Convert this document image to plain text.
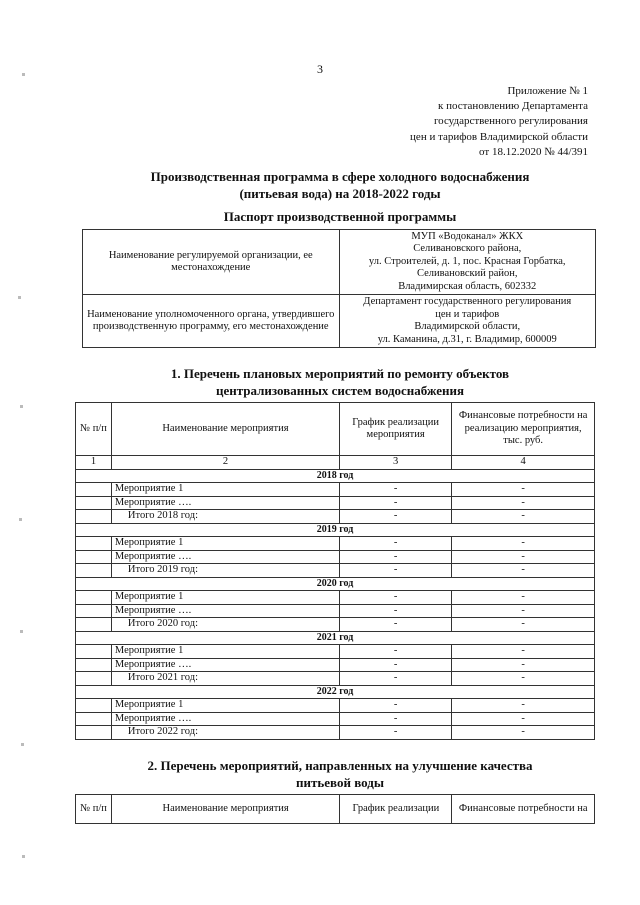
3
Приложение № 1
к постановлению Департамента
государственного регулирования
цен и тарифов Владимирской области
от 18.12.2020 № 44/391
Производственная программа в сфере холодного водоснабжения
(питьевая вода) на 2018-2022 годы
Паспорт производственной программы
Наименование регулируемой организации, ее местонахождение	МУП «Водоканал» ЖКХ
Селивановского района,
ул. Строителей, д. 1, пос. Красная Горбатка,
Селивановский район,
Владимирская область, 602332

Наименование уполномоченного органа, утвердившего производственную программу, его местонахождение	Департамент государственного регулирования
цен и тарифов
Владимирской области,
ул. Каманина, д.31, г. Владимир, 600009
1. Перечень плановых мероприятий по ремонту объектов
централизованных систем водоснабжения
№ п/п	Наименование мероприятия	График реализации мероприятия	Финансовые потребности на реализацию мероприятия, тыс. руб.
1	2	3	4
2018 год			
	Мероприятие 1	-	-
	Мероприятие ….	-	-
	Итого 2018 год:	-	-
2019 год			
	Мероприятие 1	-	-
	Мероприятие ….	-	-
	Итого 2019 год:	-	-
2020 год			
	Мероприятие 1	-	-
	Мероприятие ….	-	-
	Итого 2020 год:	-	-
2021 год			
	Мероприятие 1	-	-
	Мероприятие ….	-	-
	Итого 2021 год:	-	-
2022 год			
	Мероприятие 1	-	-
	Мероприятие ….	-	-
	Итого 2022 год:	-	-
2. Перечень мероприятий, направленных на улучшение качества
питьевой воды
№ п/п	Наименование мероприятия	График реализации	Финансовые потребности на
